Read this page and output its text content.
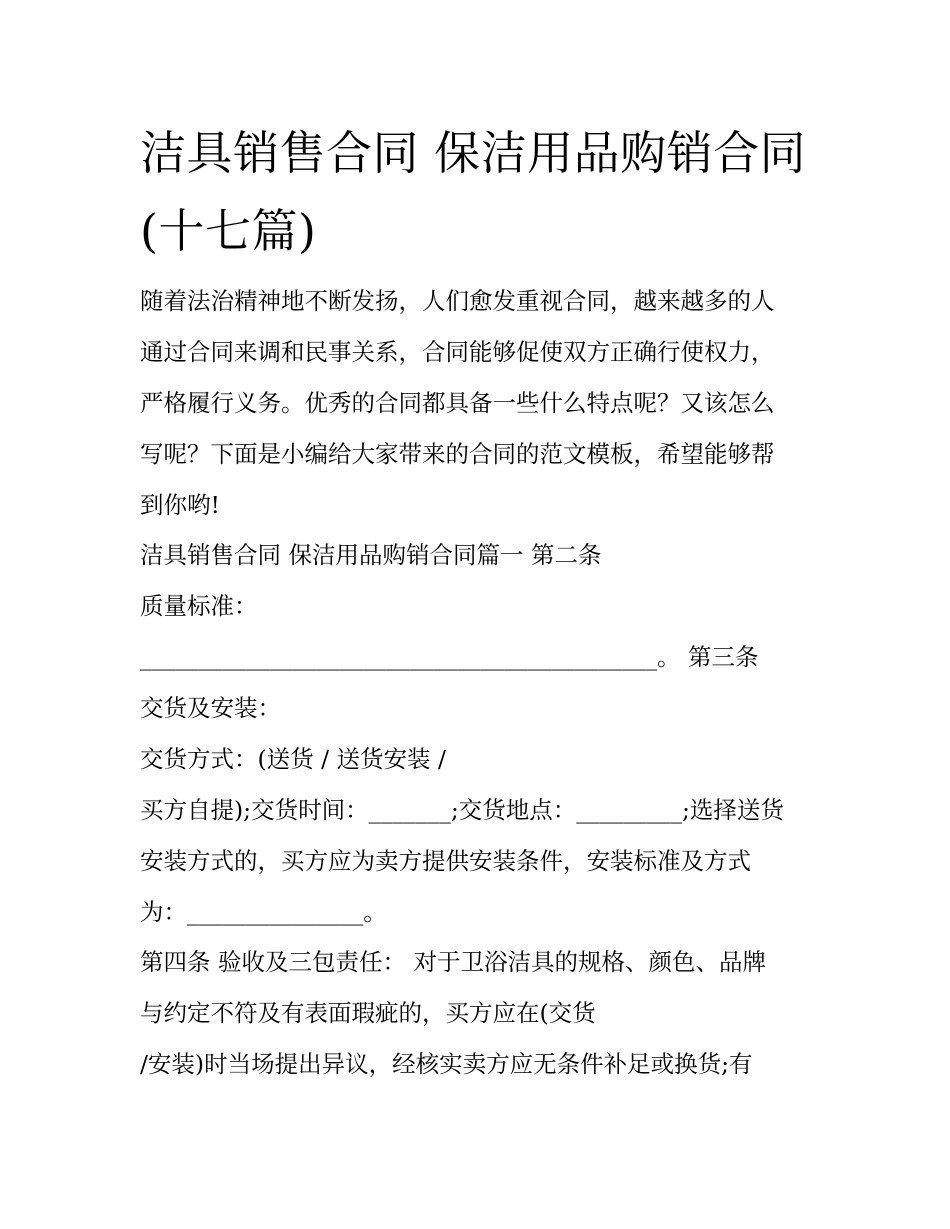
洁具销售合同 保洁用品购销合同(十七篇)

随着法治精神地不断发扬，人们愈发重视合同，越来越多的人

通过合同来调和民事关系，合同能够促使双方正确行使权力，

严格履行义务。优秀的合同都具备一些什么特点呢？又该怎么

写呢？下面是小编给大家带来的合同的范文模板，希望能够帮

到你哟!

洁具销售合同 保洁用品购销合同篇一 第二条

质量标准：

____________________________________________。 第三条

交货及安装：

交货方式：(送货 / 送货安装 /

买方自提);交货时间：_______;交货地点：_________;选择送货

安装方式的，买方应为卖方提供安装条件，安装标准及方式

为：_______________。

第四条 验收及三包责任： 对于卫浴洁具的规格、颜色、品牌

与约定不符及有表面瑕疵的，买方应在(交货

/安装)时当场提出异议，经核实卖方应无条件补足或换货;有
